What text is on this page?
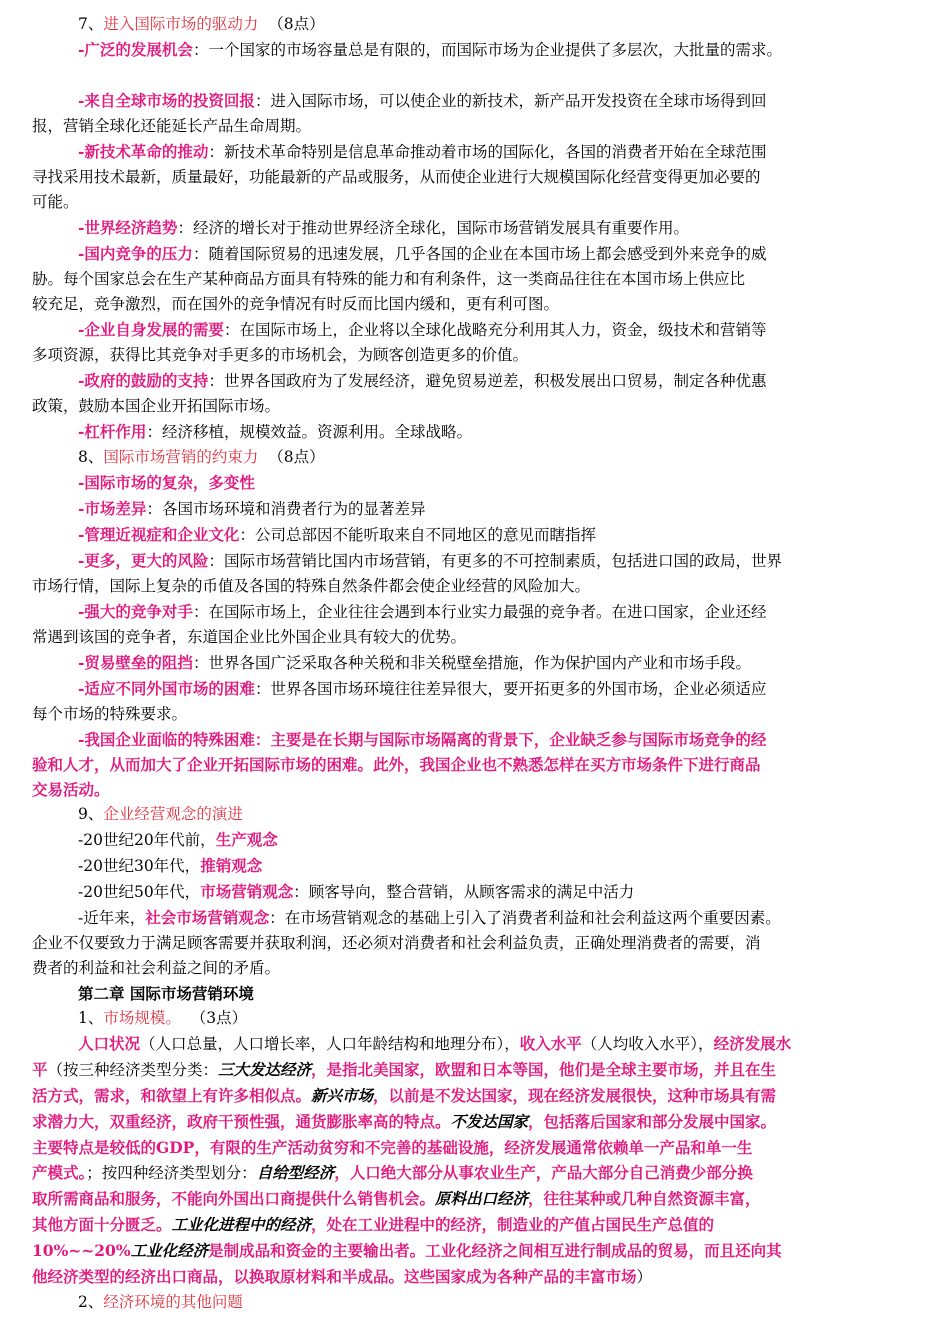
7、进入国际市场的驱动力 （8点）

-广泛的发展机会：一个国家的市场容量总是有限的，而国际市场为企业提供了多层次，大批量的需求。

-来自全球市场的投资回报：进入国际市场，可以使企业的新技术，新产品开发投资在全球市场得到回

报，营销全球化还能延长产品生命周期。

-新技术革命的推动：新技术革命特别是信息革命推动着市场的国际化，各国的消费者开始在全球范围

寻找采用技术最新，质量最好，功能最新的产品或服务，从而使企业进行大规模国际化经营变得更加必要的

可能。

-世界经济趋势：经济的增长对于推动世界经济全球化，国际市场营销发展具有重要作用。

-国内竞争的压力：随着国际贸易的迅速发展，几乎各国的企业在本国市场上都会感受到外来竞争的威

胁。每个国家总会在生产某种商品方面具有特殊的能力和有利条件，这一类商品往往在本国市场上供应比

较充足，竞争激烈，而在国外的竞争情况有时反而比国内缓和，更有利可图。

-企业自身发展的需要：在国际市场上，企业将以全球化战略充分利用其人力，资金，级技术和营销等

多项资源，获得比其竞争对手更多的市场机会，为顾客创造更多的价值。

-政府的鼓励的支持：世界各国政府为了发展经济，避免贸易逆差，积极发展出口贸易，制定各种优惠

政策，鼓励本国企业开拓国际市场。

-杠杆作用：经济移植，规模效益。资源利用。全球战略。

8、国际市场营销的约束力 （8点）

-国际市场的复杂，多变性

-市场差异：各国市场环境和消费者行为的显著差异

-管理近视症和企业文化：公司总部因不能听取来自不同地区的意见而瞎指挥

-更多，更大的风险：国际市场营销比国内市场营销，有更多的不可控制素质，包括进口国的政局，世界

市场行情，国际上复杂的币值及各国的特殊自然条件都会使企业经营的风险加大。

-强大的竞争对手：在国际市场上，企业往往会遇到本行业实力最强的竞争者。在进口国家，企业还经

常遇到该国的竞争者，东道国企业比外国企业具有较大的优势。

-贸易壁垒的阻挡：世界各国广泛采取各种关税和非关税壁垒措施，作为保护国内产业和市场手段。

-适应不同外国市场的困难：世界各国市场环境往往差异很大，要开拓更多的外国市场，企业必须适应

每个市场的特殊要求。

-我国企业面临的特殊困难：主要是在长期与国际市场隔离的背景下，企业缺乏参与国际市场竞争的经

验和人才，从而加大了企业开拓国际市场的困难。此外，我国企业也不熟悉怎样在买方市场条件下进行商品

交易活动。

9、企业经营观念的演进

-20世纪20年代前，生产观念

-20世纪30年代，推销观念

-20世纪50年代，市场营销观念：顾客导向，整合营销，从顾客需求的满足中活力

-近年来，社会市场营销观念：在市场营销观念的基础上引入了消费者利益和社会利益这两个重要因素。

企业不仅要致力于满足顾客需要并获取利润，还必须对消费者和社会利益负责，正确处理消费者的需要，消

费者的利益和社会利益之间的矛盾。

第二章 国际市场营销环境

1、市场规模。 （3点）

人口状况（人口总量，人口增长率，人口年龄结构和地理分布），收入水平（人均收入水平），经济发展水

平（按三种经济类型分类：三大发达经济，是指北美国家，欧盟和日本等国，他们是全球主要市场，并且在生

活方式，需求，和欲望上有许多相似点。新兴市场，以前是不发达国家，现在经济发展很快，这种市场具有需

求潜力大，双重经济，政府干预性强，通货膨胀率高的特点。不发达国家，包括落后国家和部分发展中国家。

主要特点是较低的GDP，有限的生产活动贫穷和不完善的基础设施，经济发展通常依赖单一产品和单一生

产模式。；按四种经济类型划分：自给型经济，人口绝大部分从事农业生产，产品大部分自己消费少部分换

取所需商品和服务，不能向外国出口商提供什么销售机会。原料出口经济，往往某种或几种自然资源丰富，

其他方面十分匮乏。工业化进程中的经济，处在工业进程中的经济，制造业的产值占国民生产总值的

10%~~20%工业化经济是制成品和资金的主要输出者。工业化经济之间相互进行制成品的贸易，而且还向其

他经济类型的经济出口商品，以换取原材料和半成品。这些国家成为各种产品的丰富市场）

2、经济环境的其他问题
